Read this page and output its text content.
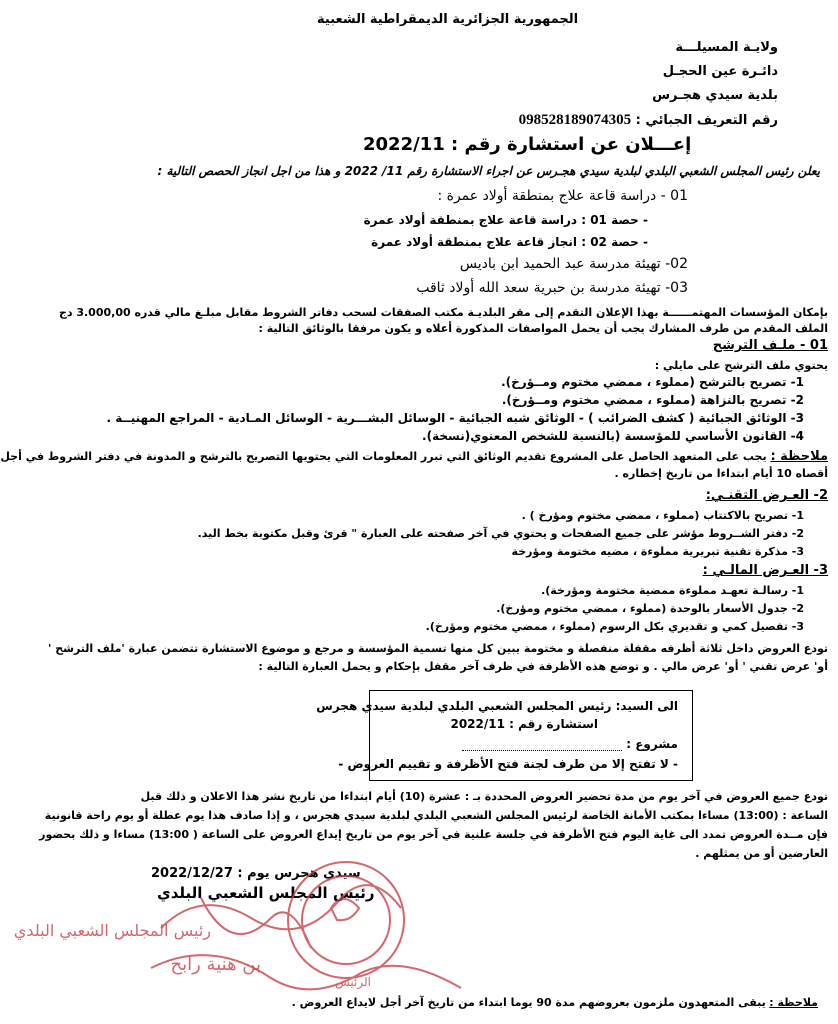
الجمهورية الجزائرية الديمقراطية الشعبية
ولايـة المسيلـــة
دائـرة عين الحجـل
بلدية سيدي هجـرس
رقم التعريف الجبائي : 098528189074305
إعـــلان عن استشارة رقم : 2022/11
يعلن رئيس المجلس الشعبي البلدي لبلدية سيدي هجـرس عن اجراء الاستشارة رقم 11/ 2022 و هذا من اجل انجاز الحصص التالية :
01 - دراسة قاعة علاج بمنطقة أولاد عمرة :
- حصة 01 : دراسة قاعة علاج بمنطقة أولاد عمرة
- حصة 02 : انجاز قاعة علاج بمنطقة أولاد عمرة
02- تهيئة مدرسة عبد الحميد ابن باديس
03- تهيئة مدرسة بن حبرية سعد الله أولاد ثاقب
بإمكان المؤسسات المهتمــــــة بهذا الإعلان التقدم إلى مقر البلديـة مكتب الصفقات لسحب دفاتر الشروط مقابل مبلـغ مالي قدره 3.000,00 دج
الملف المقدم من طرف المشارك يجب أن يحمل المواصفات المذكورة أعلاه و يكون مرفقا بالوثائق التالية :
01 - ملـف الترشح
يحتوي ملف الترشح على مايلي :
1- تصريح بالترشح (مملوء ، ممضي مختوم ومــؤرخ).
2- تصريح بالنزاهة (مملوء ، ممضي مختوم ومــؤرخ).
3- الوثائق الجبائية ( كشف الضرائب ) - الوثائق شبه الجبائية - الوسائل البشـــرية - الوسائل المـادية - المراجع المهنيــة .
4- القانون الأساسي للمؤسسة (بالنسبة للشخص المعنوي(نسخة).
ملاحظة : يجب على المتعهد الحاصل على المشروع تقديم الوثائق التي تبرر المعلومات التي يحتويها التصريح بالترشح و المدونة في دفتر الشروط في أجل
أقصاه 10 أيام ابتداءا من تاريخ إخطاره .
2- العـرض التقنـي:
1- تصريح بالاكتتاب (مملوء ، ممضي مختوم ومؤرخ ) .
2- دفتر الشــروط مؤشر على جميع الصفحات و يحتوي في آخر صفحته على العبارة " قرئ وقبل مكتوبة بخط اليد.
3- مذكرة تقنية تبريرية مملوءة ، مضيه مختومة ومؤرخة
3- العـرض المالـي :
1- رسالـة تعهـد مملوءة ممضية مختومة ومؤرخة).
2- جدول الأسعار بالوحدة (مملوء ، ممضي مختوم ومؤرخ).
3- تفصيل كمي و تقديري بكل الرسوم (مملوء ، ممضي مختوم ومؤرخ).
تودع العروض داخل ثلاثة أظرفه مقفلة منفصلة و مختومة يبين كل منها تسمية المؤسسة و مرجع و موضوع الاستشارة تتضمن عبارة 'ملف الترشح '
أو' عرض تقني ' أو' عرض مالي . و توضع هذه الأظرفة في ظرف آخر مقفل بإحكام و يحمل العبارة التالية :
الى السيد: رئيس المجلس الشعبي البلدي لبلدية سيدي هجرس
استشارة رقم : 2022/11
مشروع :
- لا تفتح إلا من طرف لجنة فتح الأظرفة و تقييم العروض -
تودع جميع العروض في آخر يوم من مدة تحضير العروض المحددة بـ : عشرة (10) أيام ابتداءا من تاريخ نشر هذا الاعلان و ذلك قبل
الساعة : (13:00) مساءا بمكتب الأمانة الخاصة لرئيس المجلس الشعبي البلدي لبلدية سيدي هجرس ، و إذا صادف هذا يوم عطلة أو يوم راحة قانونية
فإن مــدة العروض تمدد الى غاية اليوم فتح الأظرفة في جلسة علنية في آخر يوم من تاريخ إيداع العروض على الساعة ( 13:00) مساءا و ذلك بحضور
العارضين أو من يمثلهم .
سيدي هجرس يوم : 2022/12/27
رئيس المجلس الشعبي البلدي
رئيس المجلس الشعبي البلدي
الرئيس
بن هنية رابح
ملاحظة : يبقى المتعهدون ملزمون بعروضهم مدة 90 يوما ابتداء من تاريخ آخر أجل لايداع العروض .
